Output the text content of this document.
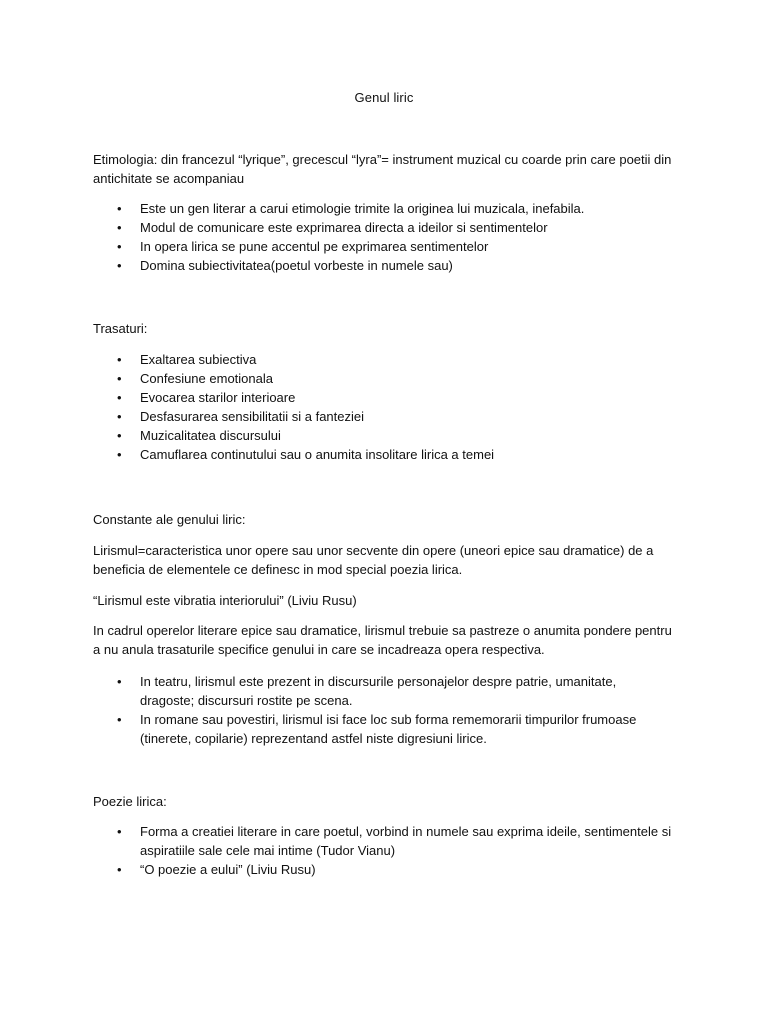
Genul liric

Etimologia: din francezul “lyrique”, grecescul “lyra”= instrument muzical cu coarde prin care poetii din antichitate se acompaniau

• Este un gen literar a carui etimologie trimite la originea lui muzicala, inefabila.
• Modul de comunicare este exprimarea directa a ideilor si sentimentelor
• In opera lirica se pune accentul pe exprimarea sentimentelor
• Domina subiectivitatea(poetul vorbeste in numele sau)

Trasaturi:

• Exaltarea subiectiva
• Confesiune emotionala
• Evocarea starilor interioare
• Desfasurarea sensibilitatii si a fanteziei
• Muzicalitatea discursului
• Camuflarea continutului sau o anumita insolitare lirica a temei

Constante ale genului liric:

Lirismul=caracteristica unor opere sau unor secvente din opere (uneori epice sau dramatice) de a beneficia de elementele ce definesc in mod special poezia lirica.

“Lirismul este vibratia interiorului” (Liviu Rusu)

In cadrul operelor literare epice sau dramatice, lirismul trebuie sa pastreze o anumita pondere pentru a nu anula trasaturile specifice genului in care se incadreaza opera respectiva.

• In teatru, lirismul este prezent in discursurile personajelor despre patrie, umanitate, dragoste; discursuri rostite pe scena.
• In romane sau povestiri, lirismul isi face loc sub forma rememorarii timpurilor frumoase (tinerete, copilarie) reprezentand astfel niste digresiuni lirice.

Poezie lirica:

• Forma a creatiei literare in care poetul, vorbind in numele sau exprima ideile, sentimentele si aspiratiile sale cele mai intime (Tudor Vianu)
• “O poezie a eului” (Liviu Rusu)
